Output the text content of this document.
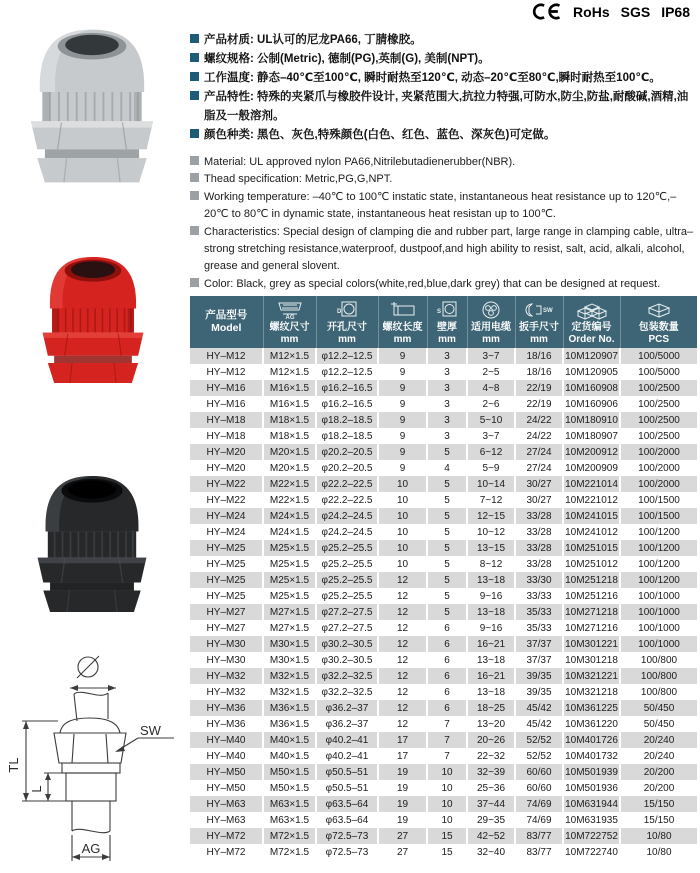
RoHs SGS IP68
SW
TL
L
AG
产品材质: UL认可的尼龙PA66, 丁腈橡胶。
螺纹规格: 公制(Metric), 德制(PG),英制(G), 美制(NPT)。
工作温度: 静态–40℃至100℃, 瞬时耐热至120℃, 动态–20℃至80℃,瞬时耐热至100℃。
产品特性: 特殊的夹紧爪与橡胶件设计, 夹紧范围大,抗拉力特强,可防水,防尘,防盐,耐酸碱,酒精,油脂及一般溶剂。
颜色种类: 黑色、灰色,特殊颜色(白色、红色、蓝色、深灰色)可定做。
Material: UL approved nylon PA66,Nitrilebutadienerubber(NBR).
Thead specification: Metric,PG,G,NPT.
Working temperature: –40℃ to 100℃ instatic state, instantaneous heat resistance up to 120℃,–20℃ to 80℃ in dynamic state, instantaneous heat resistan up to 100℃.
Characteristics: Special design of clamping die and rubber part, large range in clamping cable, ultra–strong stretching resistance,waterproof, dustpoof,and high ability to resist, salt, acid, alkali, alcohol, grease and general slovent.
Color: Black, grey as special colors(white,red,blue,dark grey) that can be designed at request.
产品型号
Model

AG
螺纹尺寸
mm

D
开孔尺寸
mm

螺纹长度
mm

S
壁厚
mm

适用电缆
mm

SW
扳手尺寸
mm

定货编号
Order No.

包装数量
PCS

HY–M12	M12×1.5	φ12.2–12.5	9	3	3~7	18/16	10M120907	100/5000
HY–M12	M12×1.5	φ12.2–12.5	9	3	2~5	18/16	10M120905	100/5000
HY–M16	M16×1.5	φ16.2–16.5	9	3	4~8	22/19	10M160908	100/2500
HY–M16	M16×1.5	φ16.2–16.5	9	3	2~6	22/19	10M160906	100/2500
HY–M18	M18×1.5	φ18.2–18.5	9	3	5~10	24/22	10M180910	100/2500
HY–M18	M18×1.5	φ18.2–18.5	9	3	3~7	24/22	10M180907	100/2500
HY–M20	M20×1.5	φ20.2–20.5	9	5	6~12	27/24	10M200912	100/2000
HY–M20	M20×1.5	φ20.2–20.5	9	4	5~9	27/24	10M200909	100/2000
HY–M22	M22×1.5	φ22.2–22.5	10	5	10~14	30/27	10M221014	100/2000
HY–M22	M22×1.5	φ22.2–22.5	10	5	7~12	30/27	10M221012	100/1500
HY–M24	M24×1.5	φ24.2–24.5	10	5	12~15	33/28	10M241015	100/1500
HY–M24	M24×1.5	φ24.2–24.5	10	5	10~12	33/28	10M241012	100/1200
HY–M25	M25×1.5	φ25.2–25.5	10	5	13~15	33/28	10M251015	100/1200
HY–M25	M25×1.5	φ25.2–25.5	10	5	8~12	33/28	10M251012	100/1200
HY–M25	M25×1.5	φ25.2–25.5	12	5	13~18	33/30	10M251218	100/1200
HY–M25	M25×1.5	φ25.2–25.5	12	5	9~16	33/33	10M251216	100/1000
HY–M27	M27×1.5	φ27.2–27.5	12	5	13~18	35/33	10M271218	100/1000
HY–M27	M27×1.5	φ27.2–27.5	12	6	9~16	35/33	10M271216	100/1000
HY–M30	M30×1.5	φ30.2–30.5	12	6	16~21	37/37	10M301221	100/1000
HY–M30	M30×1.5	φ30.2–30.5	12	6	13~18	37/37	10M301218	100/800
HY–M32	M32×1.5	φ32.2–32.5	12	6	16~21	39/35	10M321221	100/800
HY–M32	M32×1.5	φ32.2–32.5	12	6	13~18	39/35	10M321218	100/800
HY–M36	M36×1.5	φ36.2–37	12	6	18~25	45/42	10M361225	50/450
HY–M36	M36×1.5	φ36.2–37	12	7	13~20	45/42	10M361220	50/450
HY–M40	M40×1.5	φ40.2–41	17	7	20~26	52/52	10M401726	20/240
HY–M40	M40×1.5	φ40.2–41	17	7	22~32	52/52	10M401732	20/240
HY–M50	M50×1.5	φ50.5–51	19	10	32~39	60/60	10M501939	20/200
HY–M50	M50×1.5	φ50.5–51	19	10	25~36	60/60	10M501936	20/200
HY–M63	M63×1.5	φ63.5–64	19	10	37~44	74/69	10M631944	15/150
HY–M63	M63×1.5	φ63.5–64	19	10	29~35	74/69	10M631935	15/150
HY–M72	M72×1.5	φ72.5–73	27	15	42~52	83/77	10M722752	10/80
HY–M72	M72×1.5	φ72.5–73	27	15	32~40	83/77	10M722740	10/80
